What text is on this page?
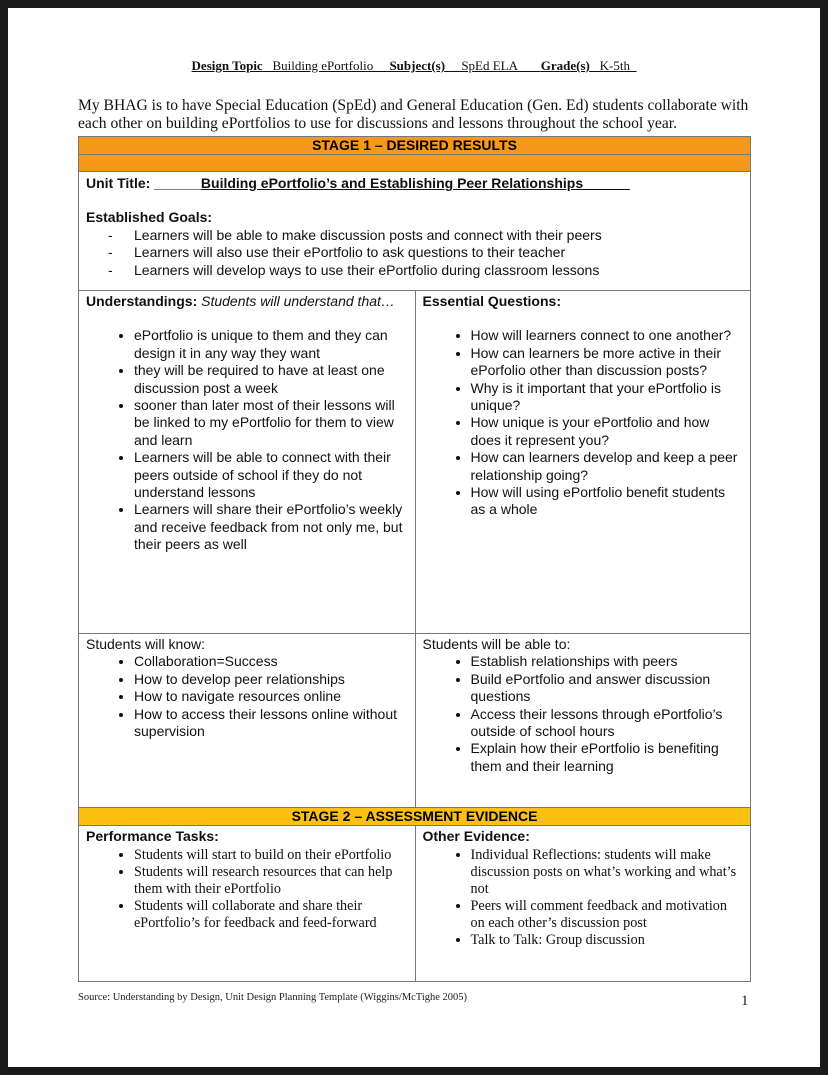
Design Topic _Building ePortfolio__ Subject(s) __SpEd ELA___ Grade(s) _K-5th_
My BHAG is to have Special Education (SpEd) and General Education (Gen. Ed) students collaborate with each other on building ePortfolios to use for discussions and lessons throughout the school year.
STAGE 1 – DESIRED RESULTS
Unit Title: ______Building ePortfolio’s and Establishing Peer Relationships______
Established Goals:
- Learners will be able to make discussion posts and connect with their peers
- Learners will also use their ePortfolio to ask questions to their teacher
- Learners will develop ways to use their ePortfolio during classroom lessons
Understandings: Students will understand that…
• ePortfolio is unique to them and they can design it in any way they want
• they will be required to have at least one discussion post a week
• sooner than later most of their lessons will be linked to my ePortfolio for them to view and learn
• Learners will be able to connect with their peers outside of school if they do not understand lessons
• Learners will share their ePortfolio’s weekly and receive feedback from not only me, but their peers as well
Essential Questions:
• How will learners connect to one another?
• How can learners be more active in their ePorfolio other than discussion posts?
• Why is it important that your ePortfolio is unique?
• How unique is your ePortfolio and how does it represent you?
• How can learners develop and keep a peer relationship going?
• How will using ePortfolio benefit students as a whole
Students will know:
• Collaboration=Success
• How to develop peer relationships
• How to navigate resources online
• How to access their lessons online without supervision
Students will be able to:
• Establish relationships with peers
• Build ePortfolio and answer discussion questions
• Access their lessons through ePortfolio’s outside of school hours
• Explain how their ePortfolio is benefiting them and their learning
STAGE 2 – ASSESSMENT EVIDENCE
Performance Tasks:
• Students will start to build on their ePortfolio
• Students will research resources that can help them with their ePortfolio
• Students will collaborate and share their ePortfolio’s for feedback and feed-forward
Other Evidence:
• Individual Reflections: students will make discussion posts on what’s working and what’s not
• Peers will comment feedback and motivation on each other’s discussion post
• Talk to Talk: Group discussion
Source: Understanding by Design, Unit Design Planning Template (Wiggins/McTighe 2005)	1
